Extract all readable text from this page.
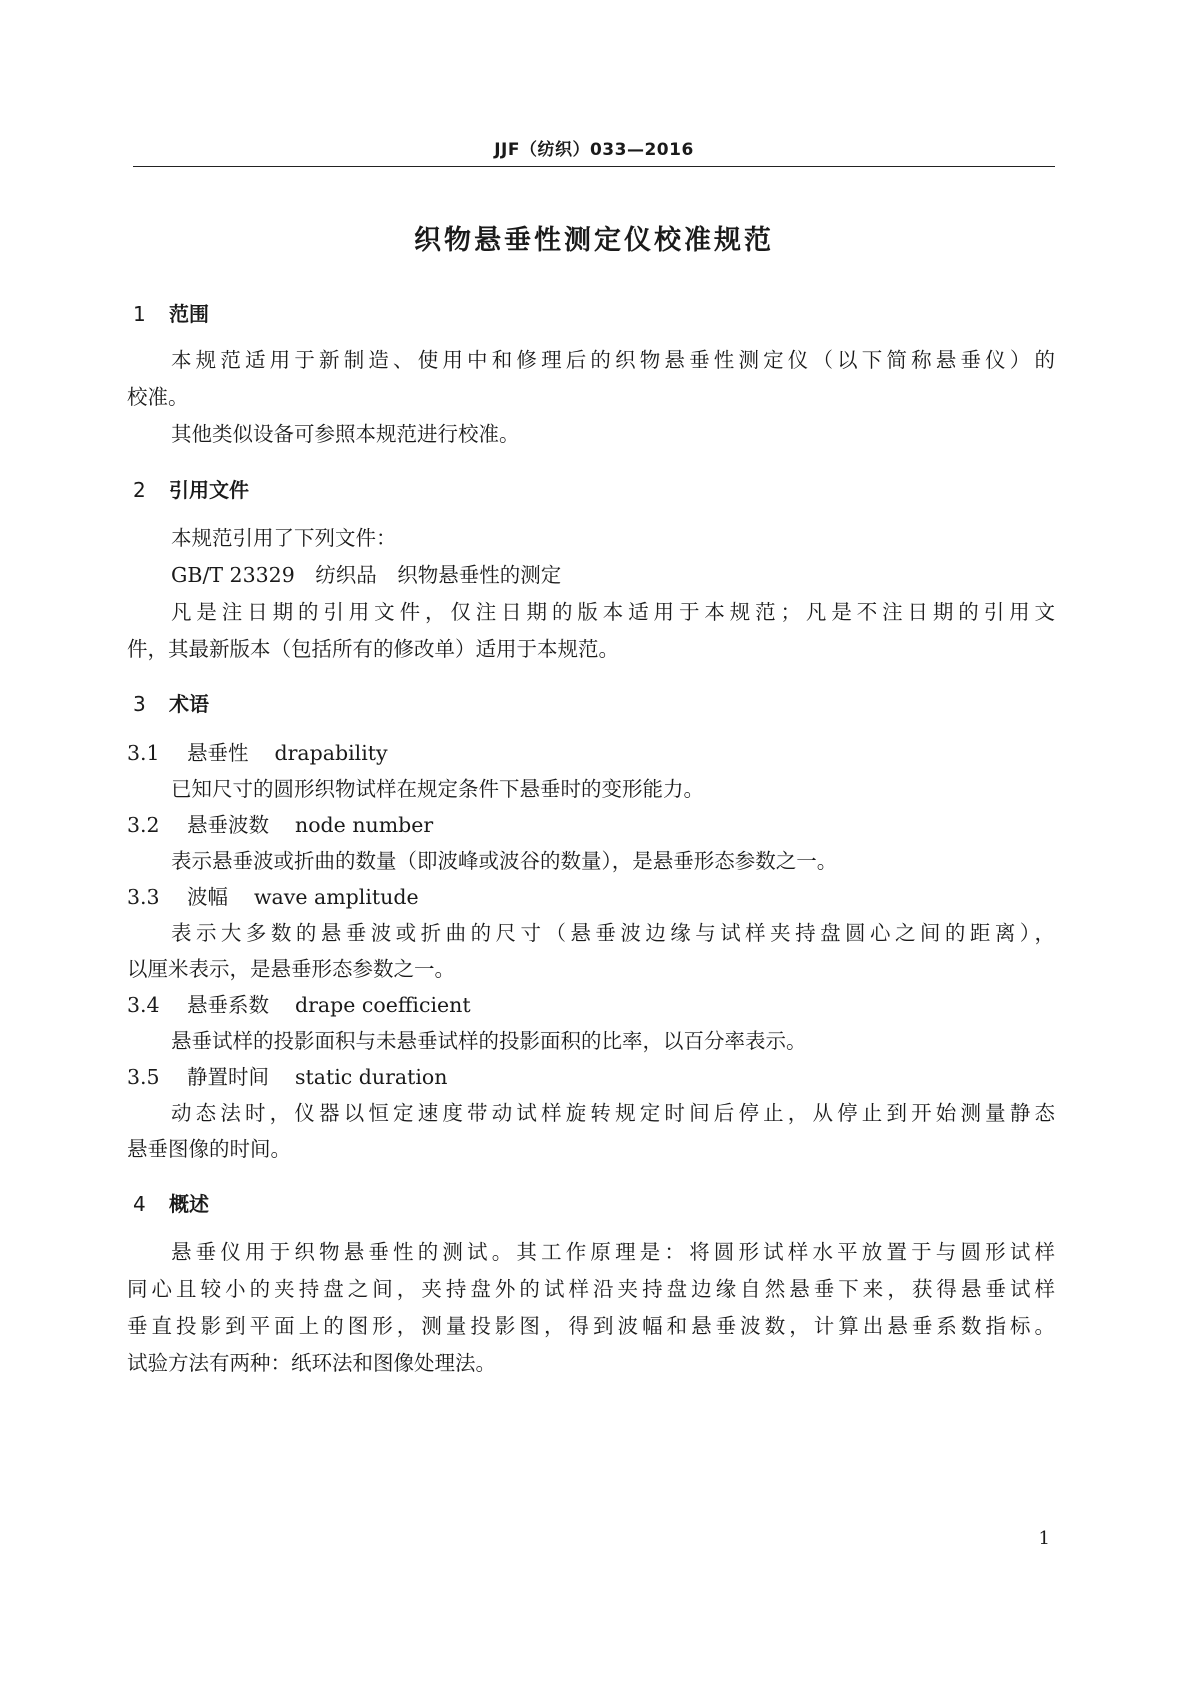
JJF（纺织）033—2016
织物悬垂性测定仪校准规范
1 范围
本规范适用于新制造、使用中和修理后的织物悬垂性测定仪（以下简称悬垂仪）的
校准。
其他类似设备可参照本规范进行校准。
2 引用文件
本规范引用了下列文件：
GB/T 23329　纺织品　织物悬垂性的测定
凡是注日期的引用文件，仅注日期的版本适用于本规范；凡是不注日期的引用文
件，其最新版本（包括所有的修改单）适用于本规范。
3 术语
3.1 悬垂性 drapability
已知尺寸的圆形织物试样在规定条件下悬垂时的变形能力。
3.2 悬垂波数 node number
表示悬垂波或折曲的数量（即波峰或波谷的数量），是悬垂形态参数之一。
3.3 波幅 wave amplitude
表示大多数的悬垂波或折曲的尺寸（悬垂波边缘与试样夹持盘圆心之间的距离），
以厘米表示，是悬垂形态参数之一。
3.4 悬垂系数 drape coefficient
悬垂试样的投影面积与未悬垂试样的投影面积的比率，以百分率表示。
3.5 静置时间 static duration
动态法时，仪器以恒定速度带动试样旋转规定时间后停止，从停止到开始测量静态
悬垂图像的时间。
4 概述
悬垂仪用于织物悬垂性的测试。其工作原理是：将圆形试样水平放置于与圆形试样
同心且较小的夹持盘之间，夹持盘外的试样沿夹持盘边缘自然悬垂下来，获得悬垂试样
垂直投影到平面上的图形，测量投影图，得到波幅和悬垂波数，计算出悬垂系数指标。
试验方法有两种：纸环法和图像处理法。
1
